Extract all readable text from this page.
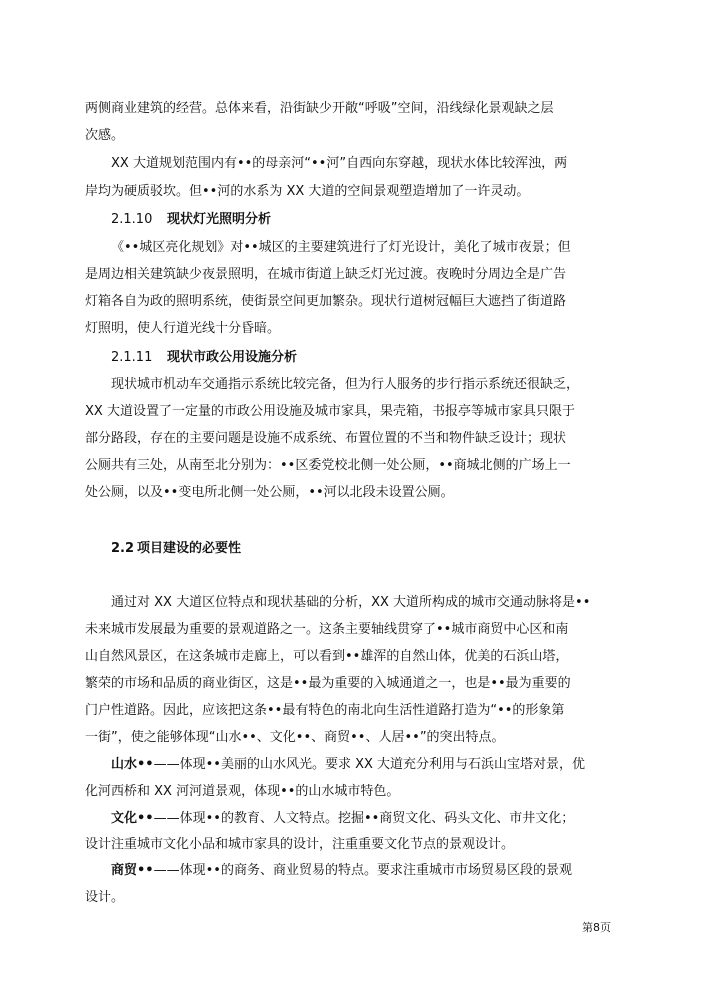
两侧商业建筑的经营。总体来看，沿街缺少开敞“呼吸”空间，沿线绿化景观缺之层
次感。
XX 大道规划范围内有••的母亲河“••河”自西向东穿越，现状水体比较浑浊，两
岸均为硬质驳坎。但••河的水系为 XX 大道的空间景观塑造增加了一许灵动。
2.1.10 现状灯光照明分析
《••城区亮化规划》对••城区的主要建筑进行了灯光设计，美化了城市夜景；但
是周边相关建筑缺少夜景照明，在城市街道上缺乏灯光过渡。夜晚时分周边全是广告
灯箱各自为政的照明系统，使街景空间更加繁杂。现状行道树冠幅巨大遮挡了街道路
灯照明，使人行道光线十分昏暗。
2.1.11 现状市政公用设施分析
现状城市机动车交通指示系统比较完备，但为行人服务的步行指示系统还很缺乏，
XX 大道设置了一定量的市政公用设施及城市家具，果壳箱，书报亭等城市家具只限于
部分路段，存在的主要问题是设施不成系统、布置位置的不当和物件缺乏设计；现状
公厕共有三处，从南至北分别为：••区委党校北侧一处公厕，••商城北侧的广场上一
处公厕，以及••变电所北侧一处公厕，••河以北段未设置公厕。
2.2 项目建设的必要性
通过对 XX 大道区位特点和现状基础的分析，XX 大道所构成的城市交通动脉将是••
未来城市发展最为重要的景观道路之一。这条主要轴线贯穿了••城市商贸中心区和南
山自然风景区，在这条城市走廊上，可以看到••雄浑的自然山体，优美的石浜山塔，
繁荣的市场和品质的商业街区，这是••最为重要的入城通道之一，也是••最为重要的
门户性道路。因此，应该把这条••最有特色的南北向生活性道路打造为“••的形象第
一街”，使之能够体现“山水••、文化••、商贸••、人居••”的突出特点。
山水••——体现••美丽的山水风光。要求 XX 大道充分利用与石浜山宝塔对景，优
化河西桥和 XX 河河道景观，体现••的山水城市特色。
文化••——体现••的教育、人文特点。挖掘••商贸文化、码头文化、市井文化；
设计注重城市文化小品和城市家具的设计，注重重要文化节点的景观设计。
商贸••——体现••的商务、商业贸易的特点。要求注重城市市场贸易区段的景观
设计。
第8页
